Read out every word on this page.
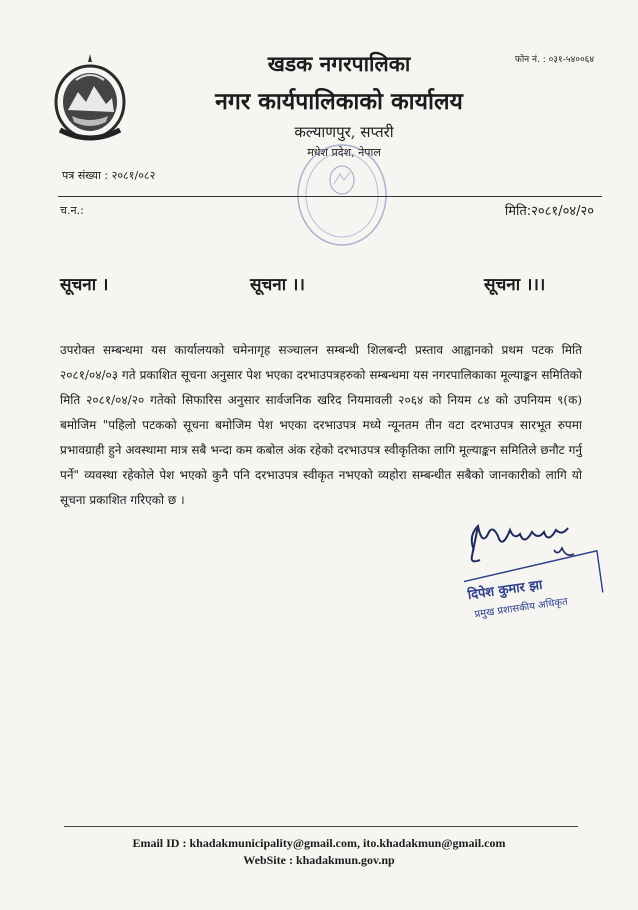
खडक नगरपालिका
नगर कार्यपालिकाको कार्यालय
कल्याणपुर, सप्तरी
मधेश प्रदेश, नेपाल
फोन नं. : ०३१-५४००६४
पत्र संख्या : २०८१/०८२
च.न.:	मिति:२०८१/०४/२०
सूचना ।	सूचना ।।	सूचना ।।।
उपरोक्त सम्बन्धमा यस कार्यालयको चमेनागृह सञ्चालन सम्बन्धी शिलबन्दी प्रस्ताव आह्वानको प्रथम पटक मिति २०८१/०४/०३ गते प्रकाशित सूचना अनुसार पेश भएका दरभाउपत्रहरुको सम्बन्धमा यस नगरपालिकाका मूल्याङ्कन समितिको मिति २०८१/०४/२० गतेको सिफारिस अनुसार सार्वजनिक खरिद नियमावली २०६४ को नियम ८४ को उपनियम ९(क) बमोजिम "पहिलो पटकको सूचना बमोजिम पेश भएका दरभाउपत्र मध्ये न्यूनतम तीन वटा दरभाउपत्र सारभूत रुपमा प्रभावग्राही हुने अवस्थामा मात्र सबै भन्दा कम कबोल अंक रहेको दरभाउपत्र स्वीकृतिका लागि मूल्याङ्कन समितिले छनौट गर्नु पर्ने" व्यवस्था रहेकोले पेश भएको कुनै पनि दरभाउपत्र स्वीकृत नभएको व्यहोरा सम्बन्धीत सबैको जानकारीको लागि यो सूचना प्रकाशित गरिएको छ ।
दिपेश कुमार झा
प्रमुख प्रशासकीय अधिकृत
Email ID : khadakmunicipality@gmail.com, ito.khadakmun@gmail.com
WebSite : khadakmun.gov.np
